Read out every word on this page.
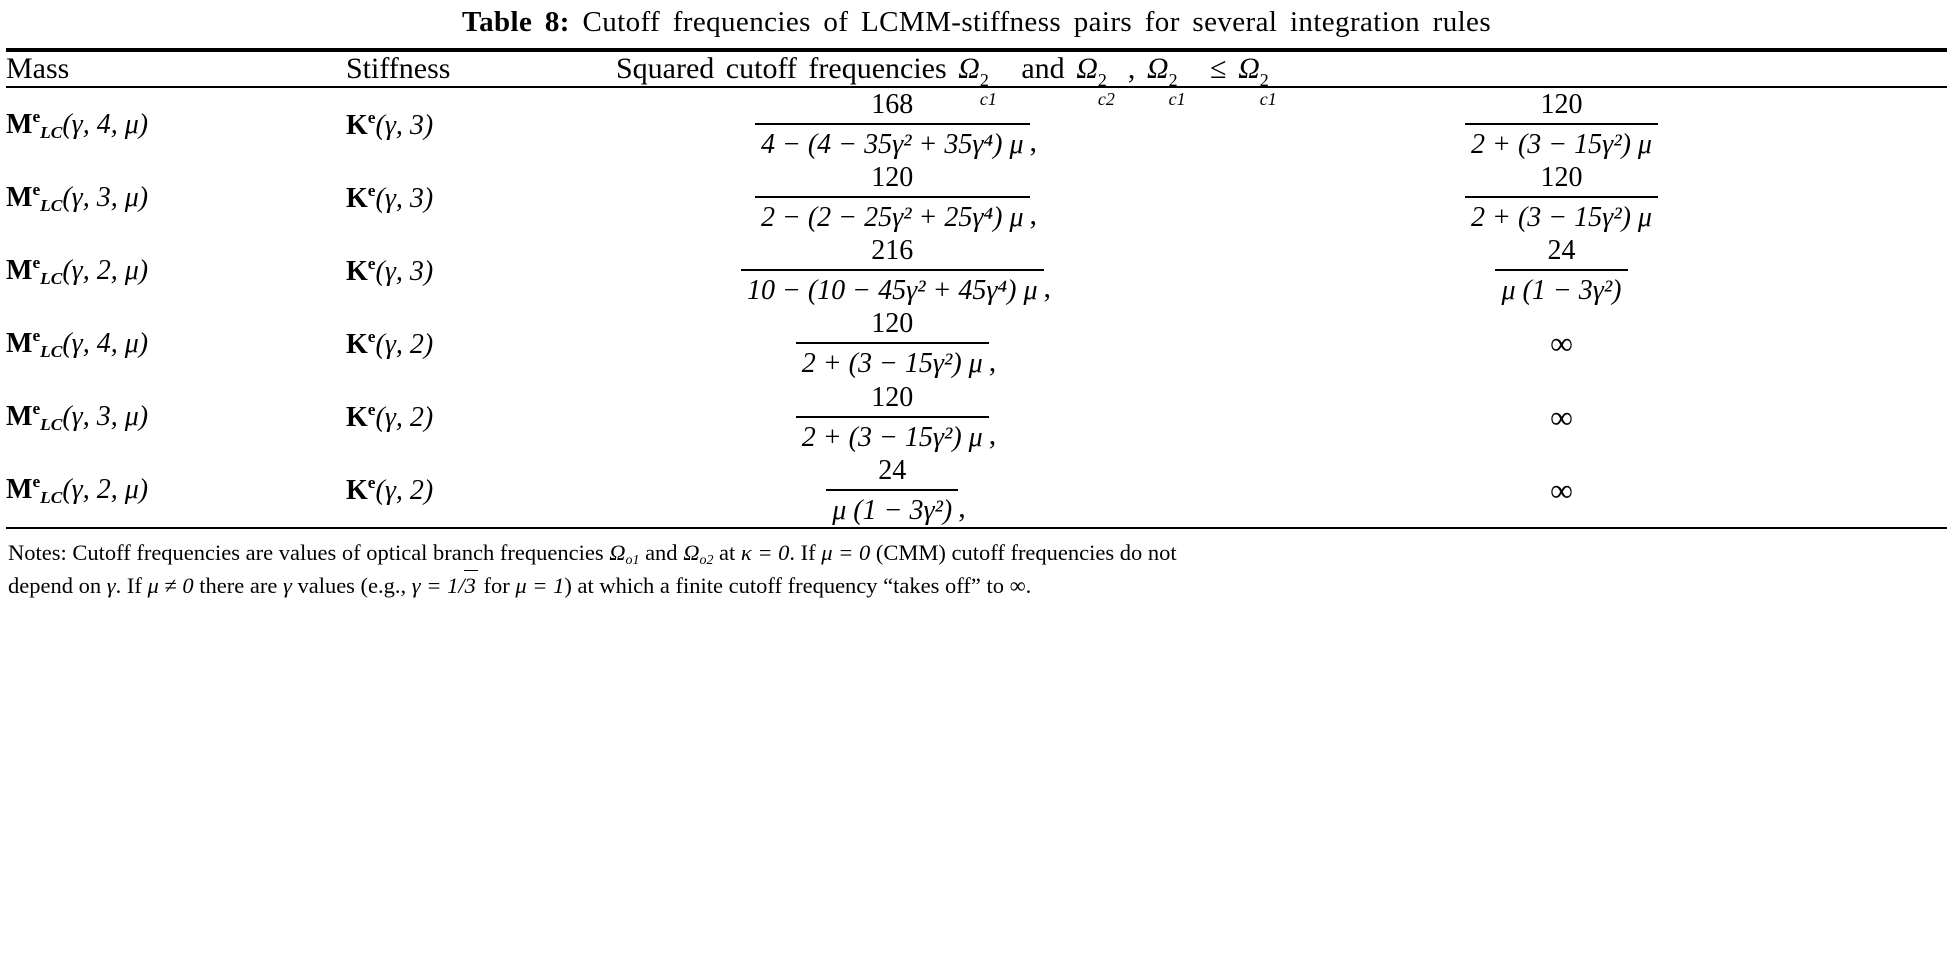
Table 8: Cutoff frequencies of LCMM-stiffness pairs for several integration rules
Mass	Stiffness	Squared cutoff frequencies Ω 2
c1
and Ω 2
c2
, Ω 2
c1
≤ Ω 2
c1

$M^e_{LC}(\gamma$, 4, μ)	$K^e(\gamma$, 3)	$\frac{168}{\text{4 − (4 − 35γ² + 35γ⁴) μ}}$ ,	$\frac{120}{\text{2 + (3 − 15γ²) μ}}$

$M^e_{LC}(\gamma$, 3, μ)	$K^e(\gamma$, 3)	$\frac{120}{\text{2 − (2 − 25γ² + 25γ⁴) μ}}$ ,	$\frac{120}{\text{2 + (3 − 15γ²) μ}}$

$M^e_{LC}(\gamma$, 2, μ)	$K^e(\gamma$, 3)	$\frac{216}{\text{10 − (10 − 45γ² + 45γ⁴) μ}}$ ,	$\frac{24}{\text{μ (1 − 3γ²)}}$

$M^e_{LC}(\gamma$, 4, μ)	$K^e(\gamma$, 2)	$\frac{120}{\text{2 + (3 − 15γ²) μ}}$ ,	∞

$M^e_{LC}(\gamma$, 3, μ)	$K^e(\gamma$, 2)	$\frac{120}{\text{2 + (3 − 15γ²) μ}}$ ,	∞

$M^e_{LC}(\gamma$, 2, μ)	$K^e(\gamma$, 2)	$\frac{24}{\text{μ (1 − 3γ²)}}$ ,	∞
Notes: Cutoff frequencies are values of optical branch frequencies $\Omega_{o1}$ and $\Omega_{o2}$ at κ = 0. If μ = 0 (CMM) cutoff frequencies do not
depend on γ. If μ ≠ 0 there are γ values (e.g., γ = 1/3 for μ = 1) at which a finite cutoff frequency “takes off” to ∞.
